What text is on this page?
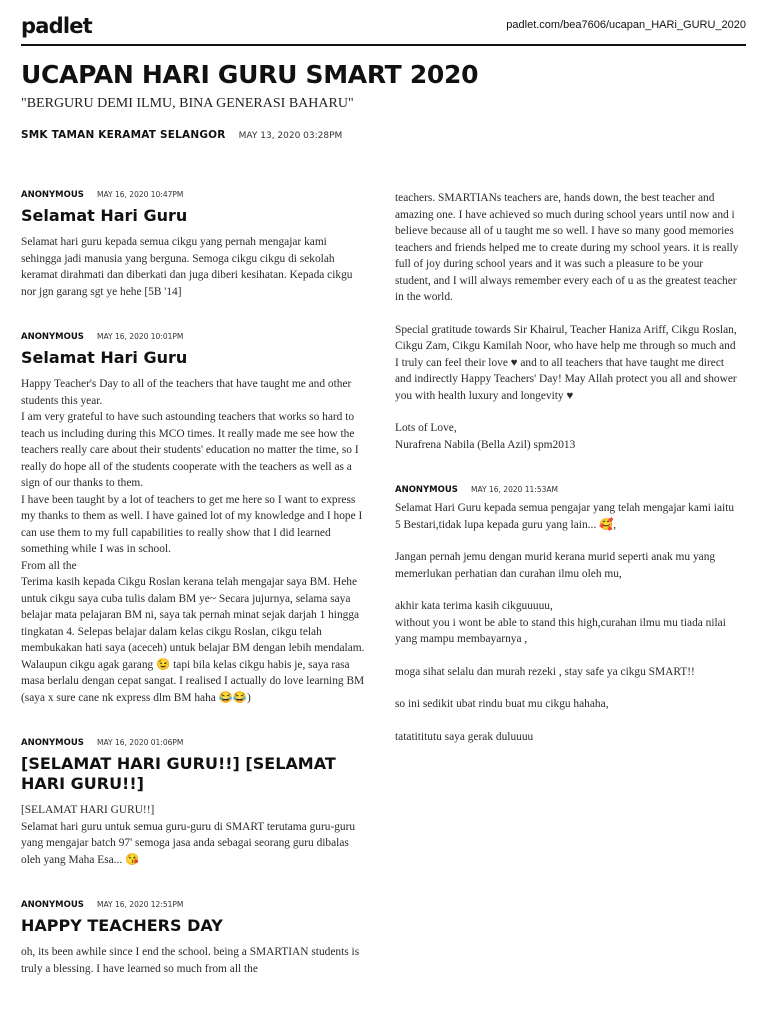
padlet	padlet.com/bea7606/ucapan_HARi_GURU_2020
UCAPAN HARI GURU SMART 2020
"BERGURU DEMI ILMU, BINA GENERASI BAHARU"
SMK TAMAN KERAMAT SELANGOR MAY 13, 2020 03:28PM
ANONYMOUS MAY 16, 2020 10:47PM
Selamat Hari Guru

Selamat hari guru kepada semua cikgu yang pernah mengajar kami sehingga jadi manusia yang berguna. Semoga cikgu cikgu di sekolah keramat dirahmati dan diberkati dan juga diberi kesihatan. Kepada cikgu nor jgn garang sgt ye hehe [5B '14]

ANONYMOUS MAY 16, 2020 10:01PM
Selamat Hari Guru

Happy Teacher's Day to all of the teachers that have taught me and other students this year.

I am very grateful to have such astounding teachers that works so hard to teach us including during this MCO times. It really made me see how the teachers really care about their students' education no matter the time, so I really do hope all of the students cooperate with the teachers as well as a sign of our thanks to them.

I have been taught by a lot of teachers to get me here so I want to express my thanks to them as well. I have gained lot of my knowledge and I hope I can use them to my full capabilities to really show that I did learned something while I was in school.

From all the

Terima kasih kepada Cikgu Roslan kerana telah mengajar saya BM. Hehe untuk cikgu saya cuba tulis dalam BM ye~ Secara jujurnya, selama saya belajar mata pelajaran BM ni, saya tak pernah minat sejak darjah 1 hingga tingkatan 4. Selepas belajar dalam kelas cikgu Roslan, cikgu telah membukakan hati saya (aceceh) untuk belajar BM dengan lebih mendalam. Walaupun cikgu agak garang 😉 tapi bila kelas cikgu habis je, saya rasa masa berlalu dengan cepat sangat. I realised I actually do love learning BM (saya x sure cane nk express dlm BM haha 😂😂)

ANONYMOUS MAY 16, 2020 01:06PM
[SELAMAT HARI GURU!!] [SELAMAT HARI GURU!!]

[SELAMAT HARI GURU!!]

Selamat hari guru untuk semua guru-guru di SMART terutama guru-guru yang mengajar batch 97' semoga jasa anda sebagai seorang guru dibalas oleh yang Maha Esa... 😘

ANONYMOUS MAY 16, 2020 12:51PM
HAPPY TEACHERS DAY

oh, its been awhile since I end the school. being a SMARTIAN students is truly a blessing. I have learned so much from all the

teachers. SMARTIANs teachers are, hands down, the best teacher and amazing one. I have achieved so much during school years until now and i believe because all of u taught me so well. I have so many good memories teachers and friends helped me to create during my school years. it is really full of joy during school years and it was such a pleasure to be your student, and I will always remember every each of u as the greatest teacher in the world.

Special gratitude towards Sir Khairul, Teacher Haniza Ariff, Cikgu Roslan, Cikgu Zam, Cikgu Kamilah Noor, who have help me through so much and I truly can feel their love ♥ and to all teachers that have taught me direct and indirectly Happy Teachers' Day! May Allah protect you all and shower you with health luxury and longevity ♥

Lots of Love,

Nurafrena Nabila (Bella Azil) spm2013

ANONYMOUS MAY 16, 2020 11:53AM

Selamat Hari Guru kepada semua pengajar yang telah mengajar kami iaitu 5 Bestari,tidak lupa kepada guru yang lain... 🥰,

Jangan pernah jemu dengan murid kerana murid seperti anak mu yang memerlukan perhatian dan curahan ilmu oleh mu,

akhir kata terima kasih cikguuuuu,

without you i wont be able to stand this high,curahan ilmu mu tiada nilai yang mampu membayarnya ,

moga sihat selalu dan murah rezeki , stay safe ya cikgu SMART!!

so ini sedikit ubat rindu buat mu cikgu hahaha,

tatatititutu saya gerak duluuuu
